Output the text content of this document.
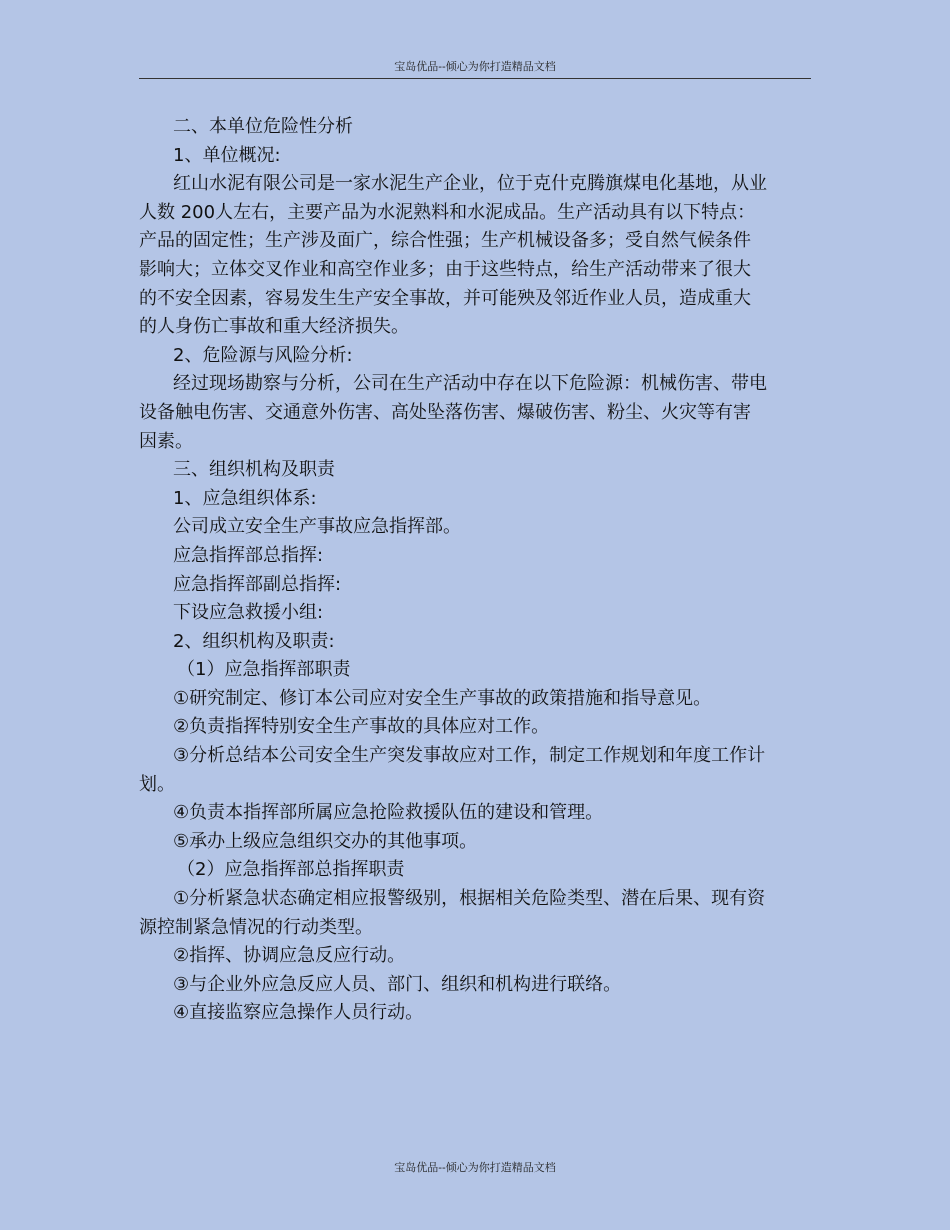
宝岛优品--倾心为你打造精品文档

二、本单位危险性分析

1、单位概况:

红山水泥有限公司是一家水泥生产企业，位于克什克腾旗煤电化基地，从业人数 200人左右，主要产品为水泥熟料和水泥成品。生产活动具有以下特点：产品的固定性；生产涉及面广，综合性强；生产机械设备多；受自然气候条件影响大；立体交叉作业和高空作业多；由于这些特点，给生产活动带来了很大的不安全因素，容易发生生产安全事故，并可能殃及邻近作业人员，造成重大的人身伤亡事故和重大经济损失。

2、危险源与风险分析:

经过现场勘察与分析，公司在生产活动中存在以下危险源：机械伤害、带电设备触电伤害、交通意外伤害、高处坠落伤害、爆破伤害、粉尘、火灾等有害因素。

三、组织机构及职责

1、应急组织体系:

公司成立安全生产事故应急指挥部。

应急指挥部总指挥:

应急指挥部副总指挥:

下设应急救援小组:

2、组织机构及职责:

（1）应急指挥部职责

①研究制定、修订本公司应对安全生产事故的政策措施和指导意见。

②负责指挥特别安全生产事故的具体应对工作。

③分析总结本公司安全生产突发事故应对工作，制定工作规划和年度工作计划。

④负责本指挥部所属应急抢险救援队伍的建设和管理。

⑤承办上级应急组织交办的其他事项。

（2）应急指挥部总指挥职责

①分析紧急状态确定相应报警级别，根据相关危险类型、潜在后果、现有资源控制紧急情况的行动类型。

②指挥、协调应急反应行动。

③与企业外应急反应人员、部门、组织和机构进行联络。

④直接监察应急操作人员行动。

宝岛优品--倾心为你打造精品文档
